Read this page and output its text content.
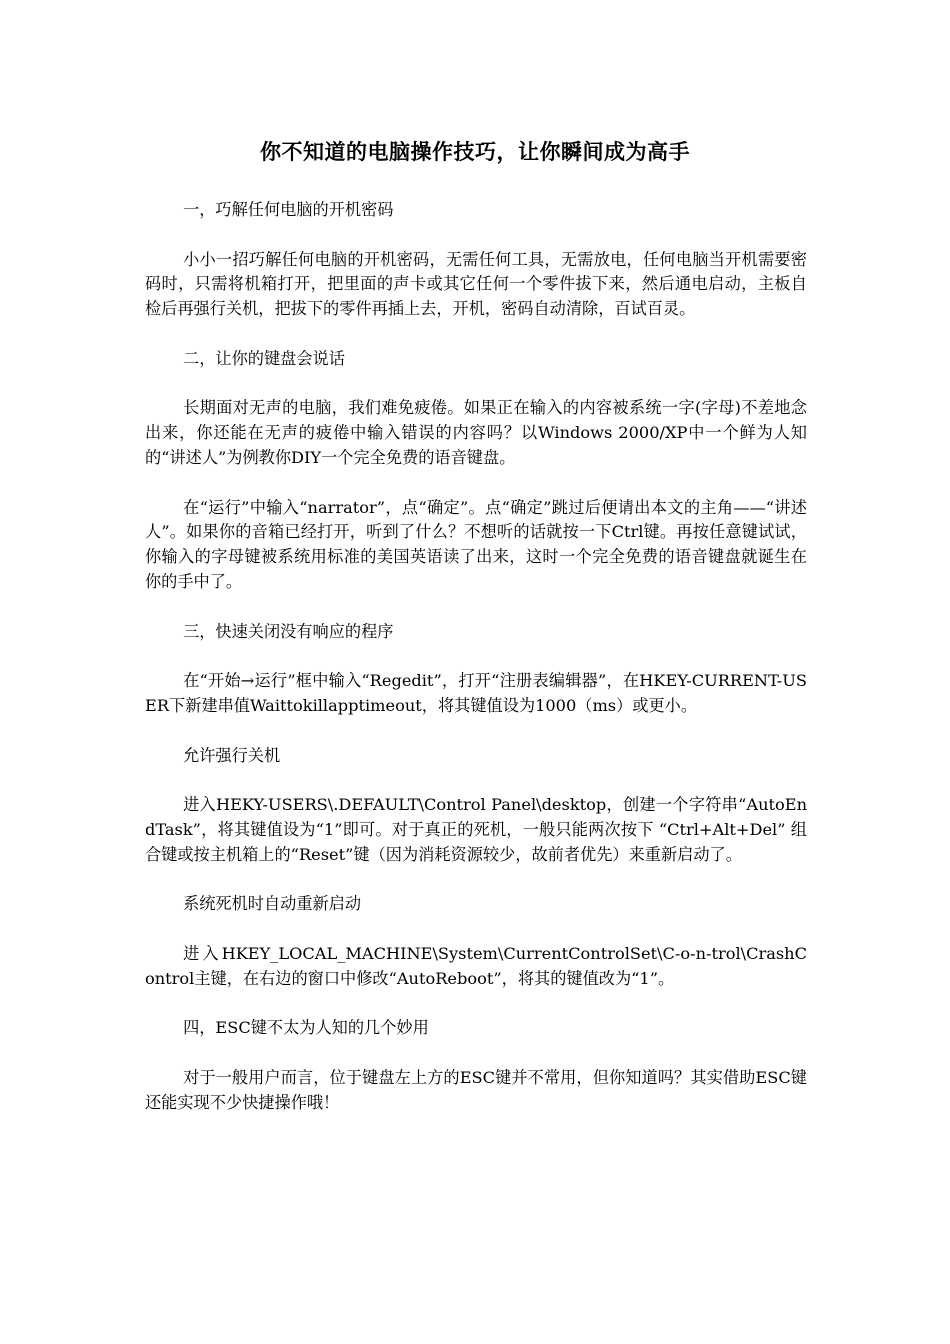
你不知道的电脑操作技巧，让你瞬间成为高手

一，巧解任何电脑的开机密码

小小一招巧解任何电脑的开机密码，无需任何工具，无需放电，任何电脑当开机需要密码时，只需将机箱打开，把里面的声卡或其它任何一个零件拔下来，然后通电启动，主板自检后再强行关机，把拔下的零件再插上去，开机，密码自动清除，百试百灵。

二，让你的键盘会说话

长期面对无声的电脑，我们难免疲倦。如果正在输入的内容被系统一字(字母)不差地念出来，你还能在无声的疲倦中输入错误的内容吗？以Windows 2000/XP中一个鲜为人知的“讲述人”为例教你DIY一个完全免费的语音键盘。

在“运行”中输入“narrator”，点“确定”。点“确定”跳过后便请出本文的主角——“讲述人”。如果你的音箱已经打开，听到了什么？不想听的话就按一下Ctrl键。再按任意键试试，你输入的字母键被系统用标准的美国英语读了出来，这时一个完全免费的语音键盘就诞生在你的手中了。

三，快速关闭没有响应的程序

在“开始→运行”框中输入“Regedit”，打开“注册表编辑器”，在HKEY-CURRENT-USER下新建串值Waittokillapptimeout，将其键值设为1000（ms）或更小。

允许强行关机

进入HEKY-USERS\.DEFAULT\Control Panel\desktop，创建一个字符串“AutoEndTask”，将其键值设为“1”即可。对于真正的死机，一般只能两次按下 “Ctrl+Alt+Del” 组合键或按主机箱上的“Reset”键（因为消耗资源较少，故前者优先）来重新启动了。

系统死机时自动重新启动

进入HKEY_LOCAL_MACHINE\System\CurrentControlSet\C-o-n-trol\CrashControl主键，在右边的窗口中修改“AutoReboot”，将其的键值改为“1”。

四，ESC键不太为人知的几个妙用

对于一般用户而言，位于键盘左上方的ESC键并不常用，但你知道吗？其实借助ESC键还能实现不少快捷操作哦！
